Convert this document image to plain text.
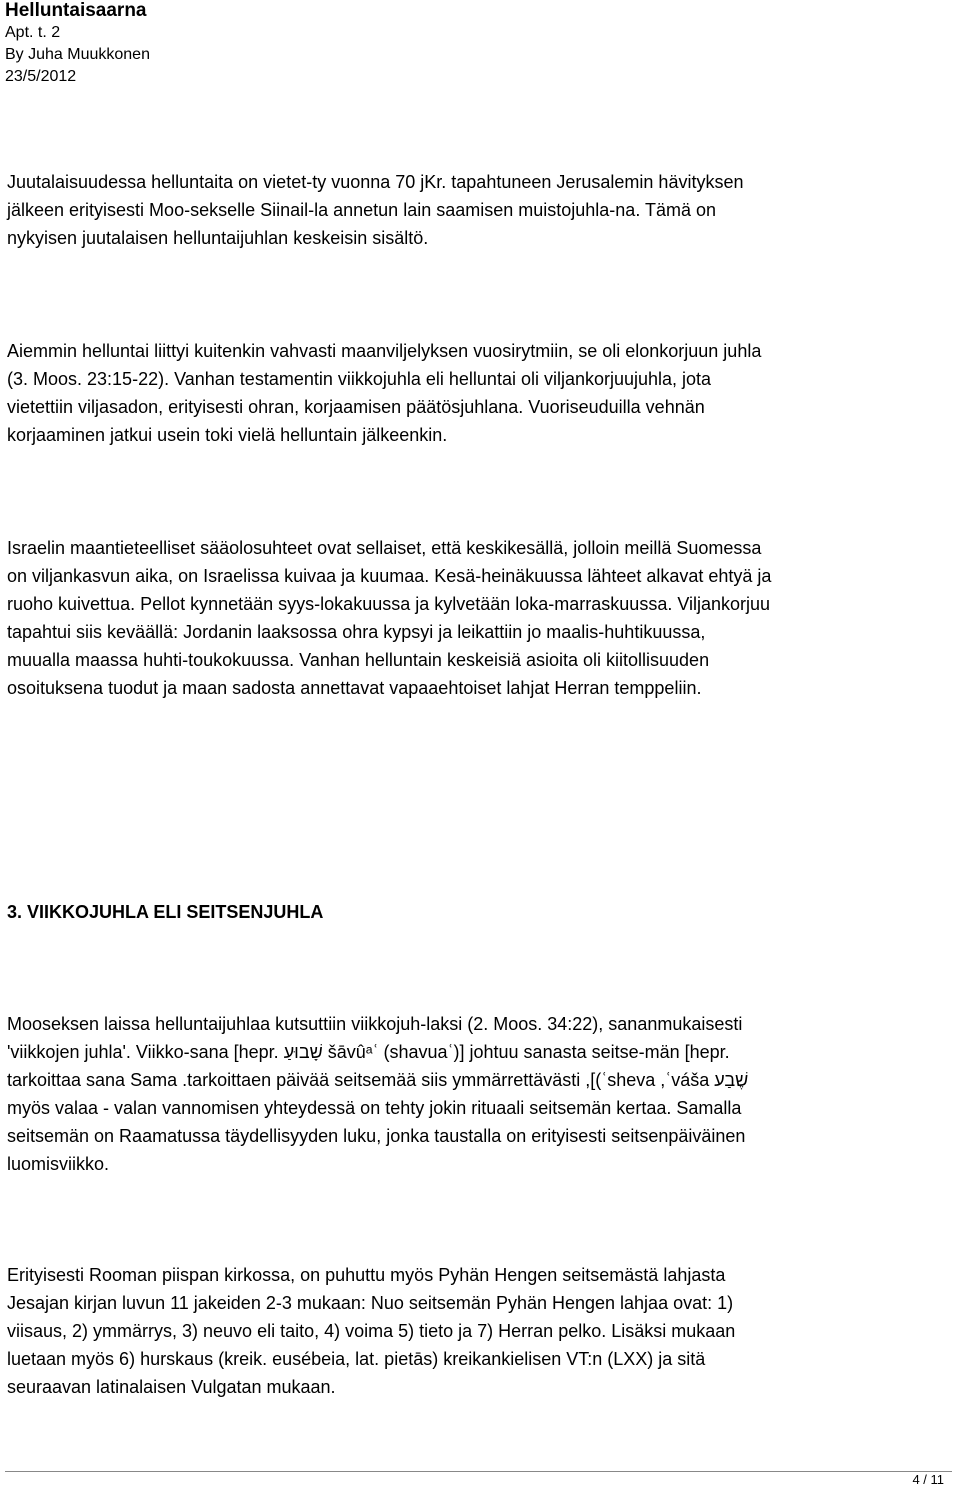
Helluntaisaarna
Apt. t. 2
By Juha Muukkonen
23/5/2012

Juutalaisuudessa helluntaita on vietet-ty vuonna 70 jKr. tapahtuneen Jerusalemin hävityksen
jälkeen erityisesti Moo-sekselle Siinail-la annetun lain saamisen muistojuhla-na. Tämä on
nykyisen juutalaisen helluntaijuhlan keskeisin sisältö.

Aiemmin helluntai liittyi kuitenkin vahvasti maanviljelyksen vuosirytmiin, se oli elonkorjuun juhla
(3. Moos. 23:15-22). Vanhan testamentin viikkojuhla eli helluntai oli viljankorjuujuhla, jota
vietettiin viljasadon, erityisesti ohran, korjaamisen päätösjuhlana. Vuoriseuduilla vehnän
korjaaminen jatkui usein toki vielä helluntain jälkeenkin.

Israelin maantieteelliset sääolosuhteet ovat sellaiset, että keskikesällä, jolloin meillä Suomessa
on viljankasvun aika, on Israelissa kuivaa ja kuumaa. Kesä-heinäkuussa lähteet alkavat ehtyä ja
ruoho kuivettua. Pellot kynnetään syys-lokakuussa ja kylvetään loka-marraskuussa. Viljankorjuu
tapahtui siis keväällä: Jordanin laaksossa ohra kypsyi ja leikattiin jo maalis-huhtikuussa,
muualla maassa huhti-toukokuussa. Vanhan helluntain keskeisiä asioita oli kiitollisuuden
osoituksena tuodut ja maan sadosta annettavat vapaaehtoiset lahjat Herran temppeliin.

3. VIIKKOJUHLA ELI SEITSENJUHLA

Mooseksen laissa helluntaijuhlaa kutsuttiin viikkojuh-laksi (2. Moos. 34:22), sananmukaisesti
'viikkojen juhla'. Viikko-sana [hepr. שָׁבוּעַ šāvûᵃʿ (shavuaʿ)] johtuu sanasta seitse-män [hepr.
tarkoittaa sana Sama .tarkoittaen päivää seitsemää siis ymmärrettävästi ,[(ʿsheva ,ʿváša שֶׁבַע
myös valaa - valan vannomisen yhteydessä on tehty jokin rituaali seitsemän kertaa. Samalla
seitsemän on Raamatussa täydellisyyden luku, jonka taustalla on erityisesti seitsenpäiväinen
luomisviikko.

Erityisesti Rooman piispan kirkossa, on puhuttu myös Pyhän Hengen seitsemästä lahjasta
Jesajan kirjan luvun 11 jakeiden 2-3 mukaan: Nuo seitsemän Pyhän Hengen lahjaa ovat: 1)
viisaus, 2) ymmärrys, 3) neuvo eli taito, 4) voima 5) tieto ja 7) Herran pelko. Lisäksi mukaan
luetaan myös 6) hurskaus (kreik. eusébeia, lat. pietās) kreikankielisen VT:n (LXX) ja sitä
seuraavan latinalaisen Vulgatan mukaan.

4 / 11
